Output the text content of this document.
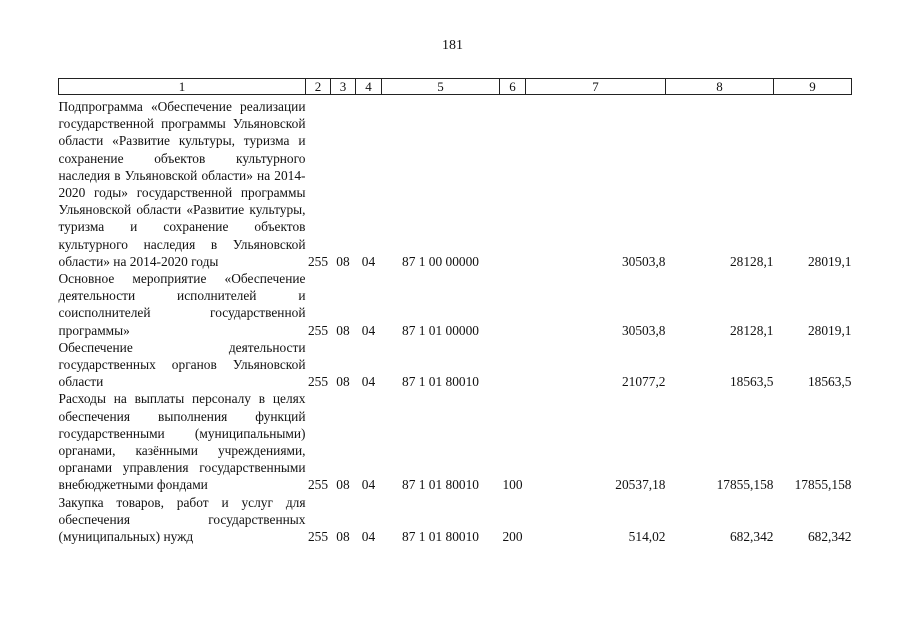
181
1	2	3	4	5	6	7	8	9
Подпрограмма «Обеспечение реализации государственной программы Ульяновской области «Развитие культуры, туризма и сохранение объектов культурного наследия в Ульяновской области» на 2014-2020 годы» государственной программы Ульяновской области «Развитие культуры, туризма и сохранение объектов культурного наследия в Ульяновской области» на 2014-2020 годы	255	08	04	87 1 00 00000		30503,8	28128,1	28019,1
Основное мероприятие «Обеспечение деятельности исполнителей и соисполнителей государственной программы»	255	08	04	87 1 01 00000		30503,8	28128,1	28019,1
Обеспечение деятельности государственных органов Ульяновской области	255	08	04	87 1 01 80010		21077,2	18563,5	18563,5
Расходы на выплаты персоналу в целях обеспечения выполнения функций государственными (муниципальными) органами, казёнными учреждениями, органами управления государственными внебюджетными фондами	255	08	04	87 1 01 80010	100	20537,18	17855,158	17855,158
Закупка товаров, работ и услуг для обеспечения государственных (муниципальных) нужд	255	08	04	87 1 01 80010	200	514,02	682,342	682,342
